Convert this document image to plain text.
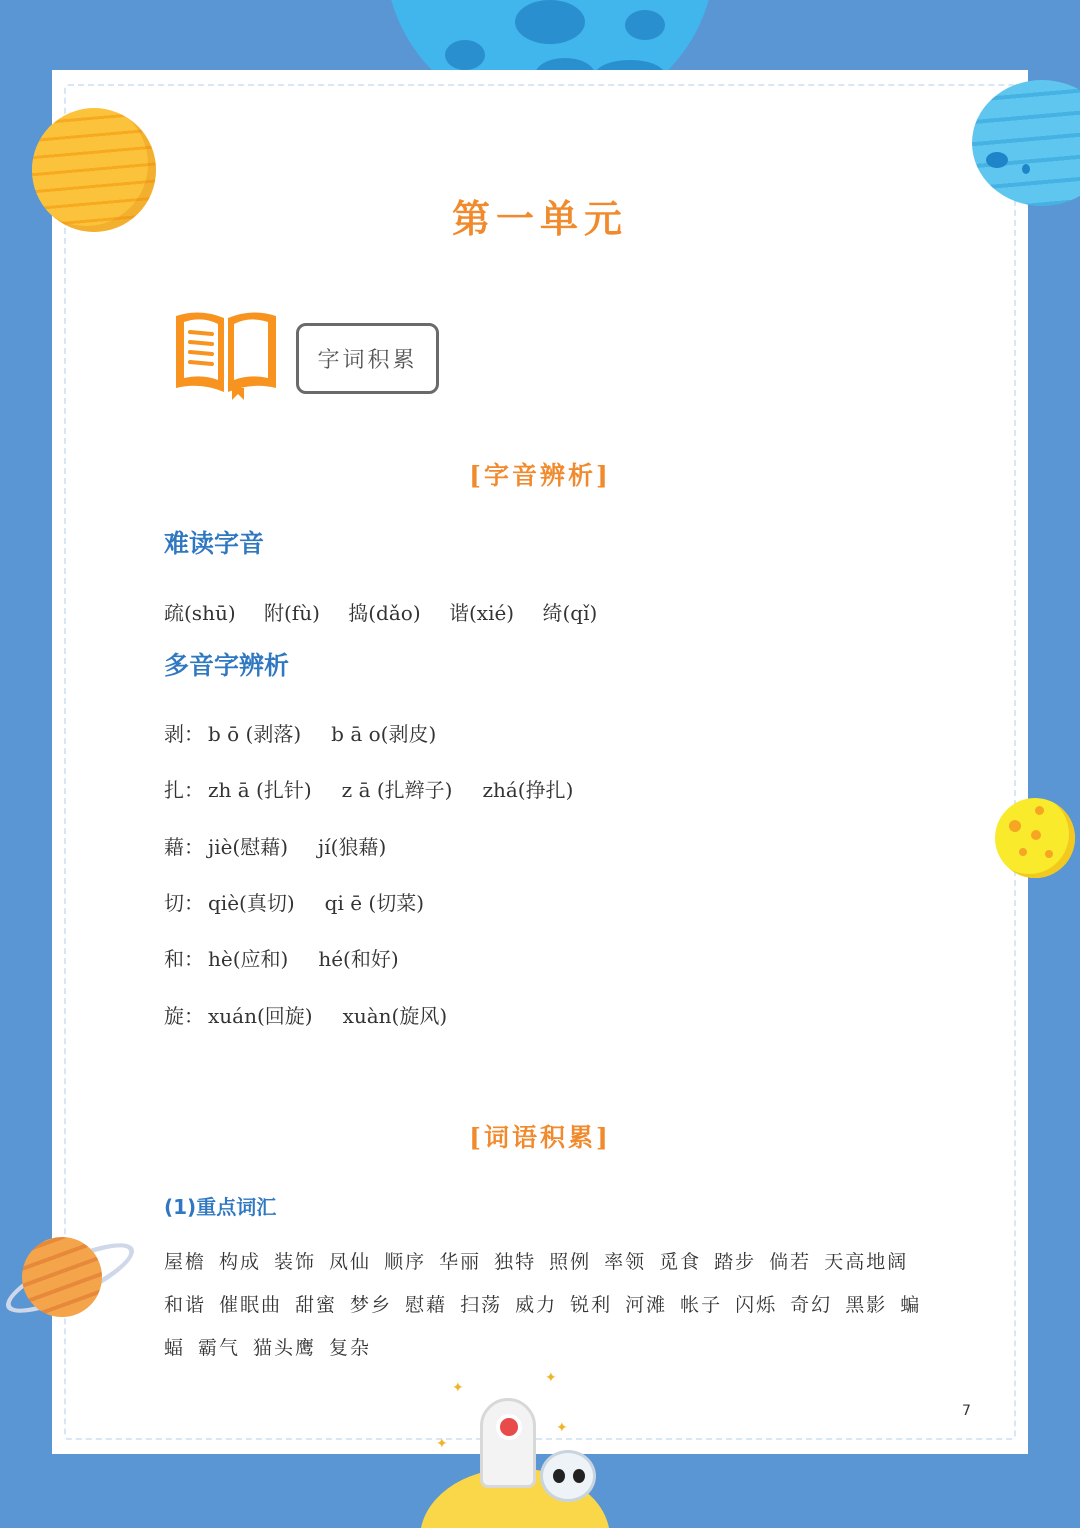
✦
✦
✦
✦
第一单元
字词积累
[字音辨析]
难读字音
疏(shū) 附(fù) 捣(dǎo) 谐(xié) 绮(qǐ)
多音字辨析
剥： b ō (剥落) b ā o(剥皮)
扎： zh ā (扎针) z ā (扎辫子) zhá(挣扎)
藉： jiè(慰藉) jí(狼藉)
切： qiè(真切) qi ē (切菜)
和： hè(应和) hé(和好)
旋： xuán(回旋) xuàn(旋风)
[词语积累]
(1)重点词汇
屋檐 构成 装饰 凤仙 顺序 华丽 独特 照例 率领 觅食 踏步 倘若 天高地阔
和谐 催眠曲 甜蜜 梦乡 慰藉 扫荡 威力 锐利 河滩 帐子 闪烁 奇幻 黑影 蝙
蝠 霸气 猫头鹰 复杂
7
